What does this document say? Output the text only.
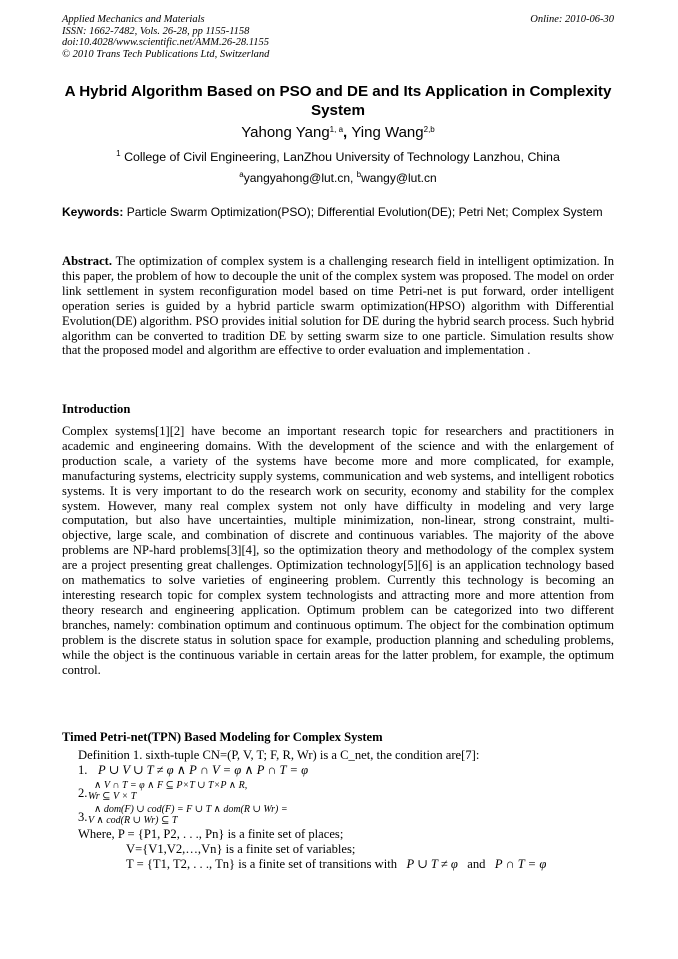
Applied Mechanics and Materials
ISSN: 1662-7482, Vols. 26-28, pp 1155-1158
doi:10.4028/www.scientific.net/AMM.26-28.1155
© 2010 Trans Tech Publications Ltd, Switzerland
Online: 2010-06-30
A Hybrid Algorithm Based on PSO and DE and Its Application in Complexity System
Yahong Yang$^{1, a}$, Ying Wang$^{2,b}$
$^1$ College of Civil Engineering, LanZhou University of Technology Lanzhou, China
$^a$yangyahong@lut.cn, $^b$wangy@lut.cn
Keywords: Particle Swarm Optimization(PSO); Differential Evolution(DE); Petri Net; Complex System
Abstract. The optimization of complex system is a challenging research field in intelligent optimization. In this paper, the problem of how to decouple the unit of the complex system was proposed. The model on order link settlement in system reconfiguration model based on time Petri-net is put forward, order intelligent operation series is guided by a hybrid particle swarm optimization(HPSO) algorithm with Differential Evolution(DE) algorithm. PSO provides initial solution for DE during the hybrid search process. Such hybrid algorithm can be converted to tradition DE by setting swarm size to one particle. Simulation results show that the proposed model and algorithm are effective to order evaluation and implementation .
Introduction
Complex systems[1][2] have become an important research topic for researchers and practitioners in academic and engineering domains. With the development of the science and with the enlargement of production scale, a variety of the systems have become more and more complicated, for example, manufacturing systems, electricity supply systems, communication and web systems, and intelligent robotics systems. It is very important to do the research work on security, economy and stability for the complex system. However, many real complex system not only have difficulty in modeling and very large computation, but also have uncertainties, multiple minimization, non-linear, strong constraint, multi-objective, large scale, and combination of discrete and continuous variables. The majority of the above problems are NP-hard problems[3][4], so the optimization theory and methodology of the complex system are a project presenting great challenges. Optimization technology[5][6] is an application technology based on mathematics to solve varieties of engineering problem. Currently this technology is becoming an interesting research topic for complex system technologists and attracting more and more attention from theory research and engineering application. Optimum problem can be categorized into two different branches, namely: combination optimum and continuous optimum. The object for the combination optimum problem is the discrete status in solution space for example, production planning and scheduling problems, while the object is the continuous variable in certain areas for the latter problem, for example, the optimum control.
Timed Petri-net(TPN) Based Modeling for Complex System
Definition 1. sixth-tuple CN=(P, V, T; F, R, Wr) is a C_net, the condition are[7]:
1. P ∪ V ∪ T ≠ φ ∧ P ∩ V = φ ∧ P ∩ T = φ
2.
∧ V ∩ T = φ ∧ F ⊆ P×T ∪ T×P ∧ R,
Wr ⊆ V × T
3.
∧ dom(F) ∪ cod(F) = F ∪ T ∧ dom(R ∪ Wr) =
V ∧ cod(R ∪ Wr) ⊆ T
Where, P = {P1, P2, . . ., Pn} is a finite set of places;
V={V1,V2,…,Vn} is a finite set of variables;
T = {T1, T2, . . ., Tn} is a finite set of transitions with P ∪ T ≠ φ and P ∩ T = φ
